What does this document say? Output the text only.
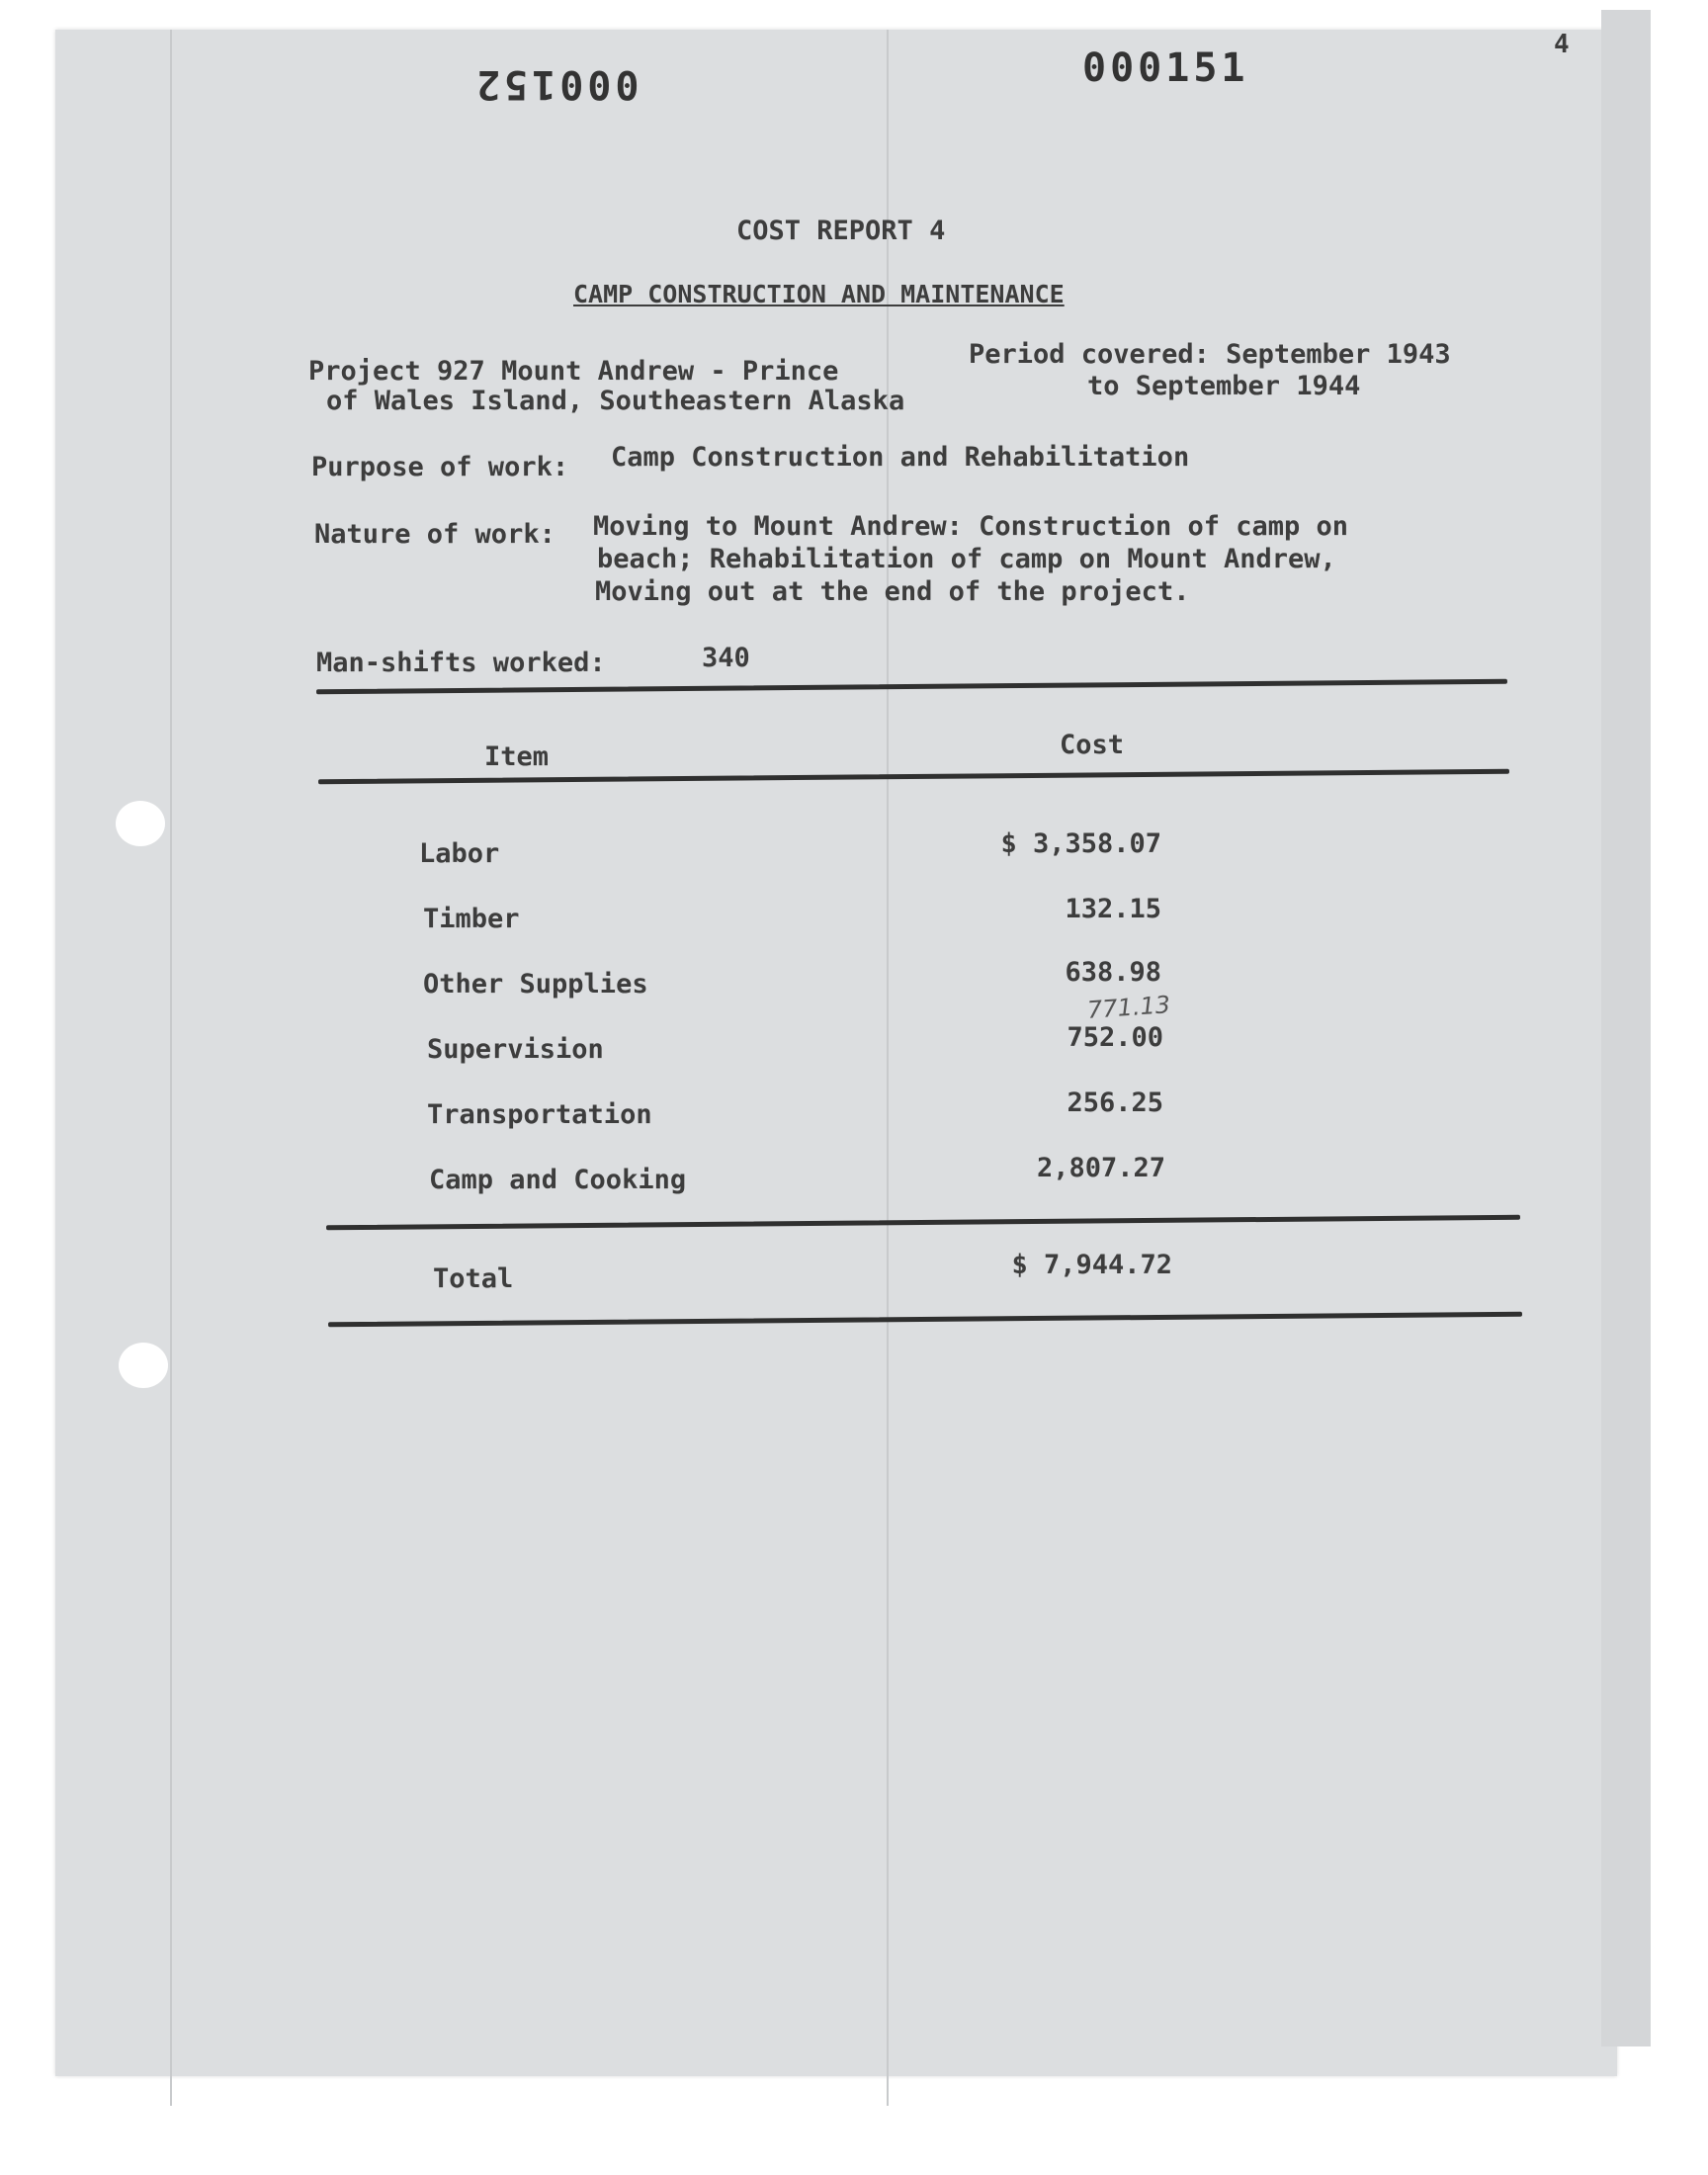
000152	000151
4
COST REPORT 4
CAMP CONSTRUCTION AND MAINTENANCE
Project 927 Mount Andrew - Prince
of Wales Island, Southeastern Alaska
Period covered: September 1943
to September 1944
Purpose of work: Camp Construction and Rehabilitation
Nature of work: Moving to Mount Andrew: Construction of camp on
beach; Rehabilitation of camp on Mount Andrew,
Moving out at the end of the project.
Man-shifts worked:	340
Item	Cost
Labor	$ 3,358.07
Timber	132.15
Other Supplies	638.98
771.13
Supervision	752.00
Transportation	256.25
Camp and Cooking	2,807.27
Total	$ 7,944.72
